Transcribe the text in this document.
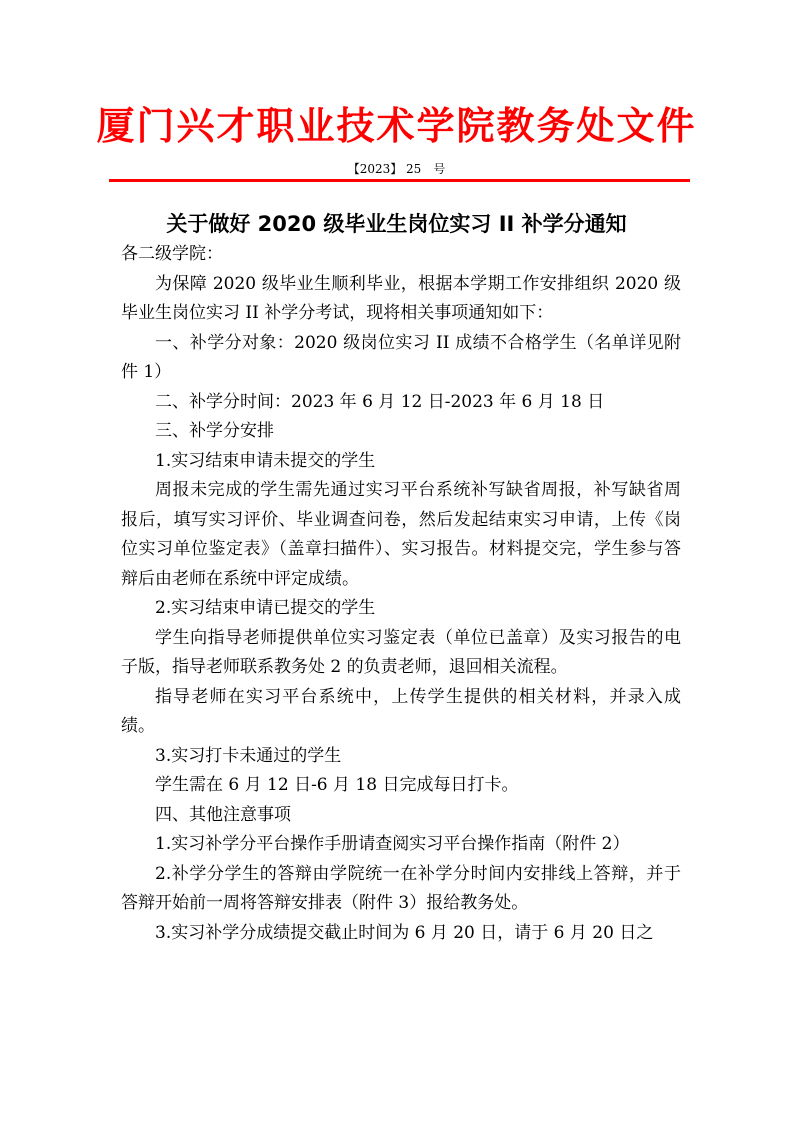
厦门兴才职业技术学院教务处文件
【2023】 25　号
关于做好 2020 级毕业生岗位实习 II 补学分通知

各二级学院：

为保障 2020 级毕业生顺利毕业，根据本学期工作安排组织 2020 级毕业生岗位实习 II 补学分考试，现将相关事项通知如下：

一、补学分对象：2020 级岗位实习 II 成绩不合格学生（名单详见附件 1）

二、补学分时间：2023 年 6 月 12 日-2023 年 6 月 18 日

三、补学分安排

1.实习结束申请未提交的学生

周报未完成的学生需先通过实习平台系统补写缺省周报，补写缺省周报后，填写实习评价、毕业调查问卷，然后发起结束实习申请，上传《岗位实习单位鉴定表》（盖章扫描件）、实习报告。材料提交完，学生参与答辩后由老师在系统中评定成绩。

2.实习结束申请已提交的学生

学生向指导老师提供单位实习鉴定表（单位已盖章）及实习报告的电子版，指导老师联系教务处 2 的负责老师，退回相关流程。

指导老师在实习平台系统中，上传学生提供的相关材料，并录入成绩。

3.实习打卡未通过的学生

学生需在 6 月 12 日-6 月 18 日完成每日打卡。

四、其他注意事项

1.实习补学分平台操作手册请查阅实习平台操作指南（附件 2）

2.补学分学生的答辩由学院统一在补学分时间内安排线上答辩，并于答辩开始前一周将答辩安排表（附件 3）报给教务处。

3.实习补学分成绩提交截止时间为 6 月 20 日，请于 6 月 20 日之
